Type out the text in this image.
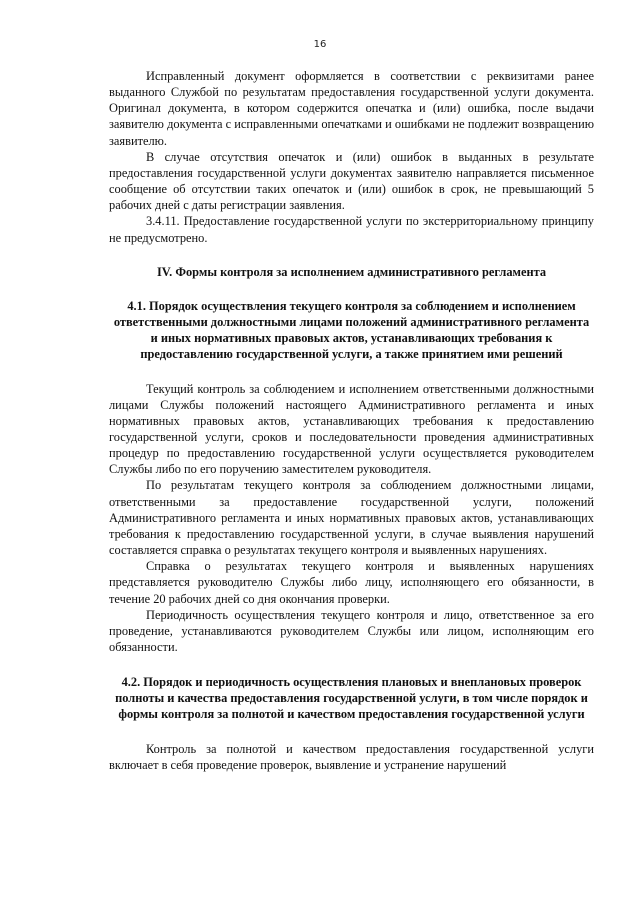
16

Исправленный документ оформляется в соответствии с реквизитами ранее выданного Службой по результатам предоставления государственной услуги документа. Оригинал документа, в котором содержится опечатка и (или) ошибка, после выдачи заявителю документа с исправленными опечатками и ошибками не подлежит возвращению заявителю.

В случае отсутствия опечаток и (или) ошибок в выданных в результате предоставления государственной услуги документах заявителю направляется письменное сообщение об отсутствии таких опечаток и (или) ошибок в срок, не превышающий 5 рабочих дней с даты регистрации заявления.

3.4.11. Предоставление государственной услуги по экстерриториальному принципу не предусмотрено.

IV. Формы контроля за исполнением административного регламента
4.1. Порядок осуществления текущего контроля за соблюдением и исполнением ответственными должностными лицами положений административного регламента и иных нормативных правовых актов, устанавливающих требования к предоставлению государственной услуги, а также принятием ими решений

Текущий контроль за соблюдением и исполнением ответственными должностными лицами Службы положений настоящего Административного регламента и иных нормативных правовых актов, устанавливающих требования к предоставлению государственной услуги, сроков и последовательности проведения административных процедур по предоставлению государственной услуги осуществляется руководителем Службы либо по его поручению заместителем руководителя.

По результатам текущего контроля за соблюдением должностными лицами, ответственными за предоставление государственной услуги, положений Административного регламента и иных нормативных правовых актов, устанавливающих требования к предоставлению государственной услуги, в случае выявления нарушений составляется справка о результатах текущего контроля и выявленных нарушениях.

Справка о результатах текущего контроля и выявленных нарушениях представляется руководителю Службы либо лицу, исполняющего его обязанности, в течение 20 рабочих дней со дня окончания проверки.

Периодичность осуществления текущего контроля и лицо, ответственное за его проведение, устанавливаются руководителем Службы или лицом, исполняющим его обязанности.

4.2. Порядок и периодичность осуществления плановых и внеплановых проверок полноты и качества предоставления государственной услуги, в том числе порядок и формы контроля за полнотой и качеством предоставления государственной услуги

Контроль за полнотой и качеством предоставления государственной услуги включает в себя проведение проверок, выявление и устранение нарушений
